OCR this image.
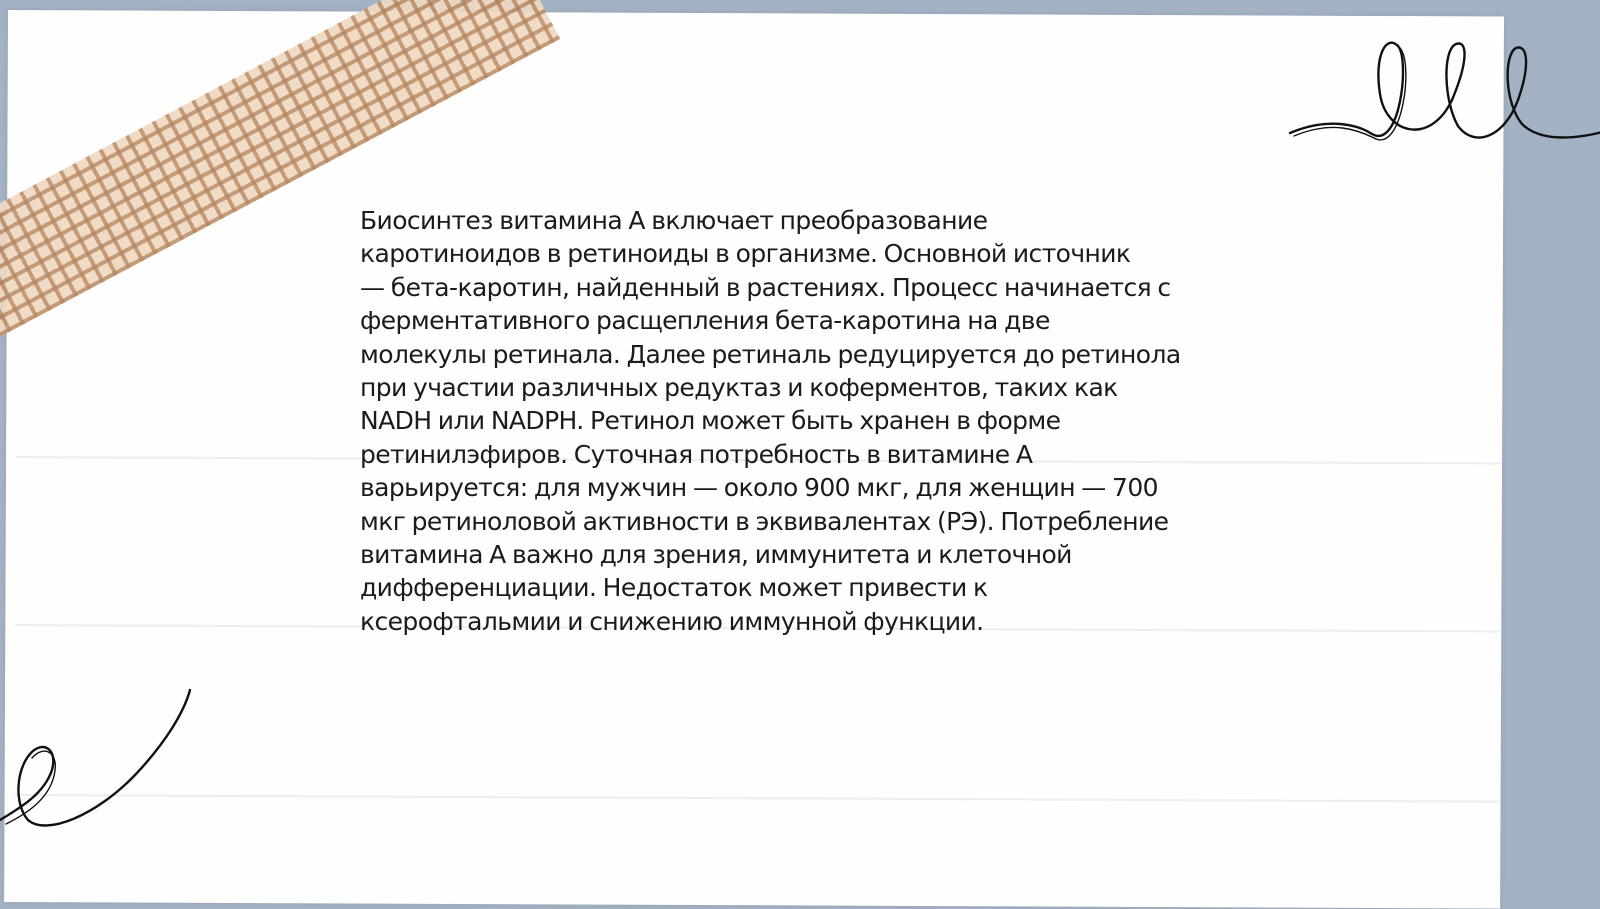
Биосинтез витамина А включает преобразование
каротиноидов в ретиноиды в организме. Основной источник
— бета-каротин, найденный в растениях. Процесс начинается с
ферментативного расщепления бета-каротина на две
молекулы ретинала. Далее ретиналь редуцируется до ретинола
при участии различных редуктаз и коферментов, таких как
NADH или NADPH. Ретинол может быть хранен в форме
ретинилэфиров. Суточная потребность в витамине А
варьируется: для мужчин — около 900 мкг, для женщин — 700
мкг ретиноловой активности в эквивалентах (РЭ). Потребление
витамина А важно для зрения, иммунитета и клеточной
дифференциации. Недостаток может привести к
ксерофтальмии и снижению иммунной функции.
